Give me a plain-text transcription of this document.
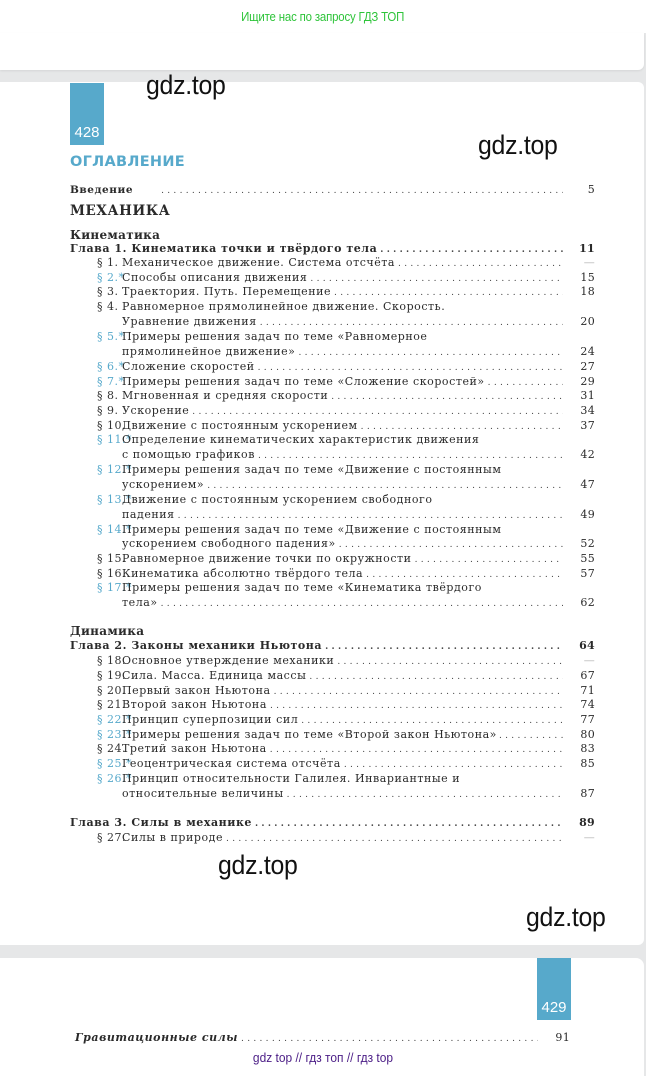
Ищите нас по запросу ГДЗ ТОП
428
gdz.top
gdz.top
gdz.top
gdz.top
ОГЛАВЛЕНИЕ
Введение .....	5
МЕХАНИКА
Кинематика
Глава 1. Кинематика точки и твёрдого тела .....	11
§ 1. Механическое движение. Система отсчёта .....	—
§ 2.*
Способы описания движения .....	15
§ 3. Траектория. Путь. Перемещение .....	18
§ 4. Равномерное прямолинейное движение. Скорость.
Уравнение движения .....	20
§ 5.*
Примеры решения задач по теме «Равномерное
прямолинейное движение» .....	24
§ 6.*
Сложение скоростей .....	27
§ 7.*
Примеры решения задач по теме «Сложение скоростей» .....	29
§ 8. Мгновенная и средняя скорости .....	31
§ 9. Ускорение .....	34
§ 10.
Движение с постоянным ускорением .....	37
§ 11.*
Определение кинематических характеристик движения
с помощью графиков .....	42
§ 12.*
Примеры решения задач по теме «Движение с постоянным
ускорением» .....	47
§ 13.*
Движение с постоянным ускорением свободного
падения .....	49
§ 14.*
Примеры решения задач по теме «Движение с постоянным
ускорением свободного падения» .....	52
§ 15.
Равномерное движение точки по окружности .....	55
§ 16.
Кинематика абсолютно твёрдого тела .....	57
§ 17.*
Примеры решения задач по теме «Кинематика твёрдого
тела» .....	62
Динамика
Глава 2. Законы механики Ньютона .....	64
§ 18.
Основное утверждение механики .....	—
§ 19.
Сила. Масса. Единица массы .....	67
§ 20.
Первый закон Ньютона .....	71
§ 21.
Второй закон Ньютона .....	74
§ 22.*
Принцип суперпозиции сил .....	77
§ 23.*
Примеры решения задач по теме «Второй закон Ньютона» .....	80
§ 24.
Третий закон Ньютона .....	83
§ 25.*
Геоцентрическая система отсчёта .....	85
§ 26.*
Принцип относительности Галилея. Инвариантные и
относительные величины .....	87
Глава 3. Силы в механике .....	89
§ 27.
Силы в природе .....	—
429
Гравитационные силы .....	91
gdz top // гдз топ // гдз top
